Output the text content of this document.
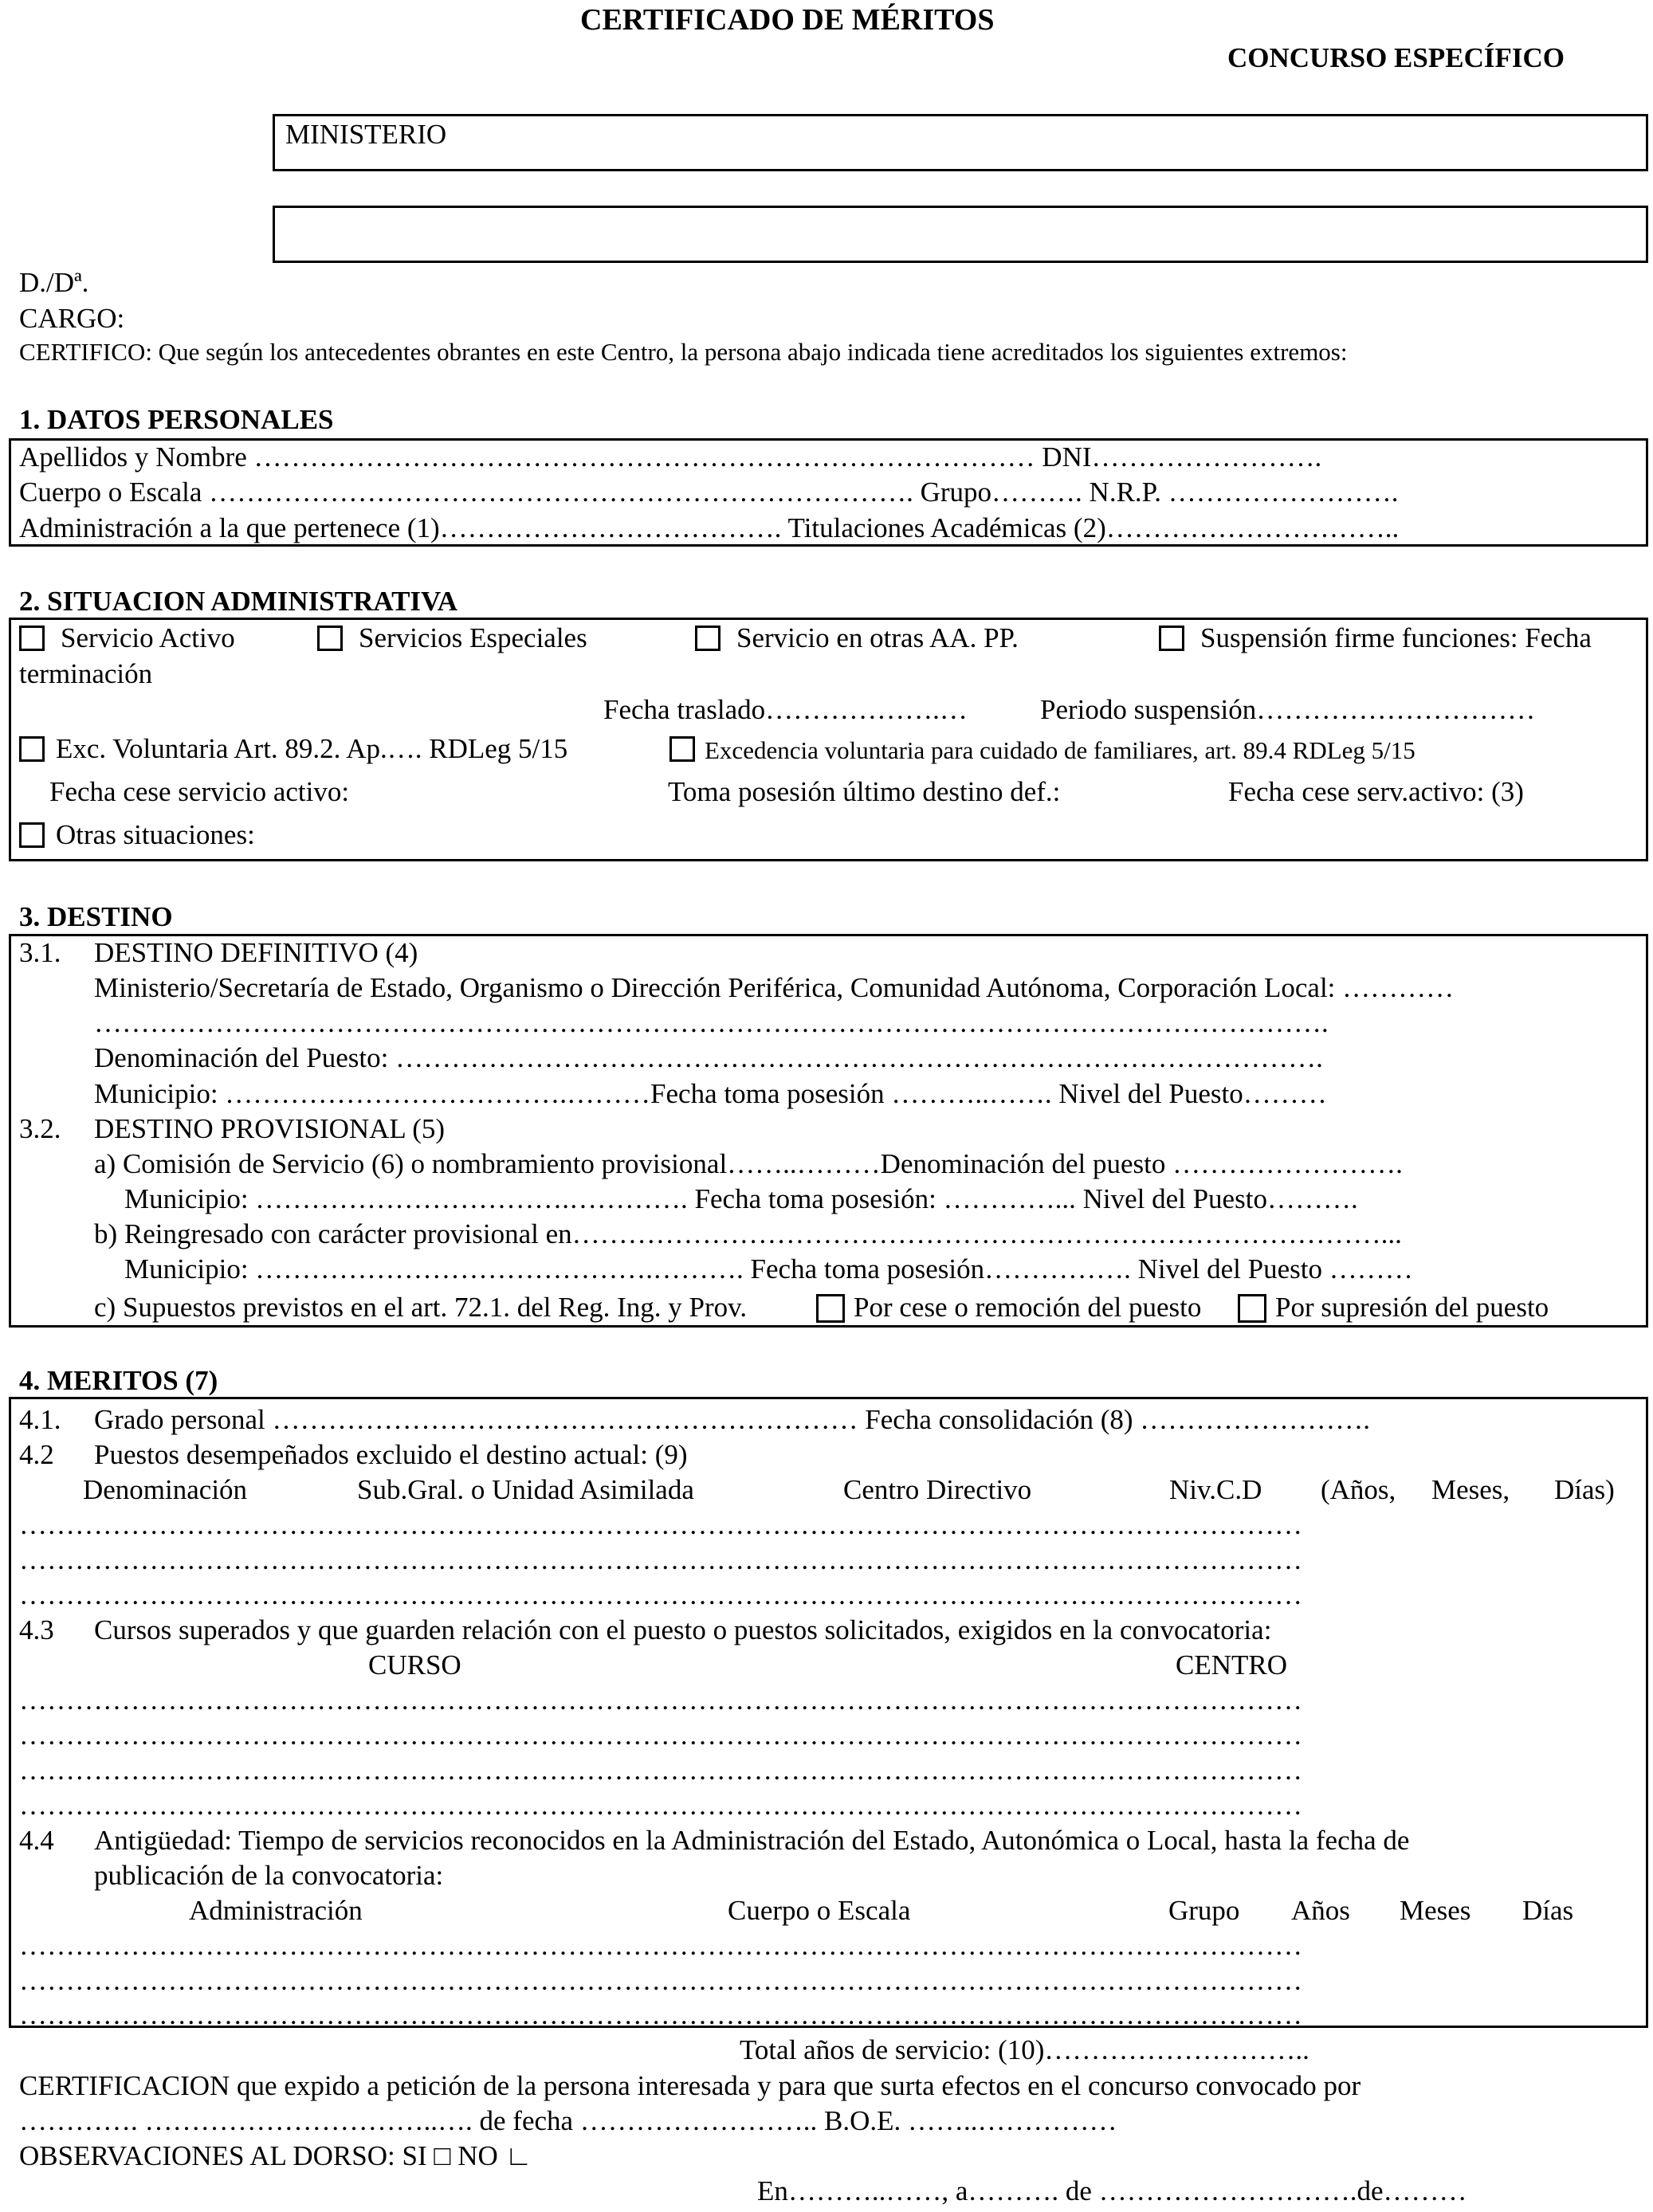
CERTIFICADO DE MÉRITOS
CONCURSO ESPECÍFICO
MINISTERIO
D./Dª.
CARGO:
CERTIFICO: Que según los antecedentes obrantes en este Centro, la persona abajo indicada tiene acreditados los siguientes extremos:
1. DATOS PERSONALES
Apellidos y Nombre ………………………………………………………………………… DNI…………………….
Cuerpo o Escala …………………………………………………………………. Grupo………. N.R.P. …………………….
Administración a la que pertenece (1)………………………………. Titulaciones Académicas (2)…………………………..
2. SITUACION ADMINISTRATIVA
Servicio Activo	Servicios Especiales	Servicio en otras AA. PP.	Suspensión firme funciones: Fecha
terminación
Fecha traslado……………….…	Periodo suspensión…………………………
Exc. Voluntaria Art. 89.2. Ap.…. RDLeg 5/15	Excedencia voluntaria para cuidado de familiares, art. 89.4 RDLeg 5/15
Fecha cese servicio activo:	Toma posesión último destino def.:	Fecha cese serv.activo: (3)
Otras situaciones:
3. DESTINO
3.1. DESTINO DEFINITIVO (4)
Ministerio/Secretaría de Estado, Organismo o Dirección Periférica, Comunidad Autónoma, Corporación Local: …………
…………………………………………………………………………………………………………………….
Denominación del Puesto: ……………………………………………………………………………………….
Municipio: ……………………………….………Fecha toma posesión ………..……. Nivel del Puesto………
3.2. DESTINO PROVISIONAL (5)
a) Comisión de Servicio (6) o nombramiento provisional……..………Denominación del puesto …………………….
Municipio: …………………………….…………. Fecha toma posesión: …………... Nivel del Puesto……….
b) Reingresado con carácter provisional en……………………………………………………………………………...
Municipio: …………………………………….………. Fecha toma posesión……………. Nivel del Puesto ………
c) Supuestos previstos en el art. 72.1. del Reg. Ing. y Prov.	Por cese o remoción del puesto	Por supresión del puesto
4. MERITOS (7)
4.1. Grado personal ……………………………………………………… Fecha consolidación (8) …………………….
4.2 Puestos desempeñados excluido el destino actual: (9)
Denominación	Sub.Gral. o Unidad Asimilada	Centro Directivo	Niv.C.D (Años, Meses, Días)
…………………………………………………………………………………………………………………………
…………………………………………………………………………………………………………………………
…………………………………………………………………………………………………………………………
4.3 Cursos superados y que guarden relación con el puesto o puestos solicitados, exigidos en la convocatoria:
CURSO	CENTRO
…………………………………………………………………………………………………………………………
…………………………………………………………………………………………………………………………
…………………………………………………………………………………………………………………………
…………………………………………………………………………………………………………………………
4.4 Antigüedad: Tiempo de servicios reconocidos en la Administración del Estado, Autonómica o Local, hasta la fecha de
publicación de la convocatoria:
Administración	Cuerpo o Escala	Grupo Años Meses Días
…………………………………………………………………………………………………………………………
…………………………………………………………………………………………………………………………
…………………………………………………………………………………………………………………………
Total años de servicio: (10)………………………..
CERTIFICACION que expido a petición de la persona interesada y para que surta efectos en el concurso convocado por
…………. …………………………..…. de fecha …………………….. B.O.E. ……..……………
OBSERVACIONES AL DORSO: SI □ NO ∟
En………..……, a………. de ……………………….de………
